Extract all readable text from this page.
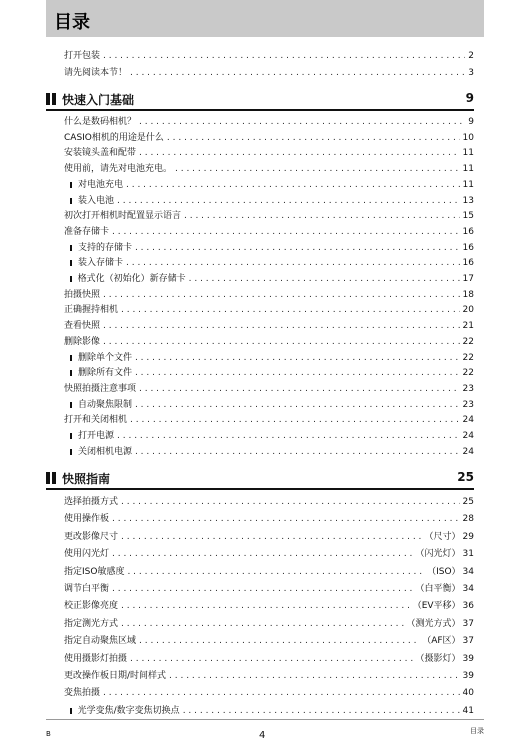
目录
打开包装 . . .	2
请先阅读本节！ . . .	3
快速入门基础	9
什么是数码相机？ . . .	9
CASIO相机的用途是什么 . . .	10
安装镜头盖和配带 . . .	11
使用前，请先对电池充电。 . . .	11
对电池充电 . . .	11
装入电池 . . .	13
初次打开相机时配置显示语言 . . .	15
准备存储卡 . . .	16
支持的存储卡 . . .	16
装入存储卡 . . .	16
格式化（初始化）新存储卡 . . .	17
拍摄快照 . . .	18
正确握持相机 . . .	20
查看快照 . . .	21
删除影像 . . .	22
删除单个文件 . . .	22
删除所有文件 . . .	22
快照拍摄注意事项 . . .	23
自动聚焦限制 . . .	23
打开和关闭相机 . . .	24
打开电源 . . .	24
关闭相机电源 . . .	24
快照指南	25
选择拍摄方式 . . .	25
使用操作板 . . .	28
更改影像尺寸 . . .	（尺寸） 29
使用闪光灯 . . .	（闪光灯） 31
指定ISO敏感度 . . .	（ISO） 34
调节白平衡 . . .	（白平衡） 34
校正影像亮度 . . .	（EV平移） 36
指定测光方式 . . .	（测光方式） 37
指定自动聚焦区域 . . .	（AF区） 37
使用摄影灯拍摄 . . .	（摄影灯） 39
更改操作板日期/时间样式 . . .	39
变焦拍摄 . . .	40
光学变焦/数字变焦切换点 . . .	41
B	4	目录
